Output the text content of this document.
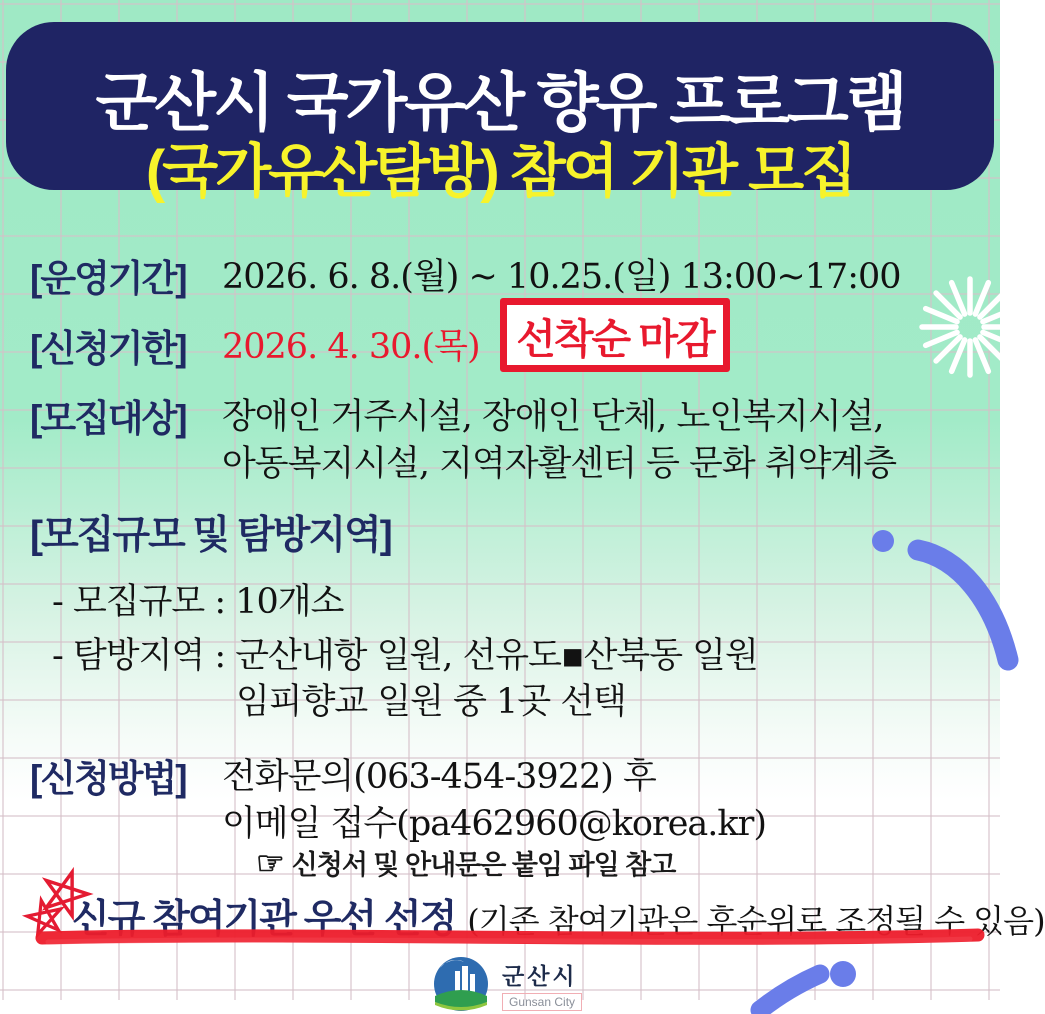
군산시 국가유산 향유 프로그램
(국가유산탐방) 참여 기관 모집
[운영기간] 2026. 6. 8.(월) ~ 10.25.(일) 13:00~17:00
[신청기한] 2026. 4. 30.(목) 선착순 마감
[모집대상] 장애인 거주시설, 장애인 단체, 노인복지시설,
아동복지시설, 지역자활센터 등 문화 취약계층
[모집규모 및 탐방지역]
- 모집규모 : 10개소
- 탐방지역 : 군산내항 일원, 선유도▪산북동 일원
임피향교 일원 중 1곳 선택
[신청방법] 전화문의(063-454-3922) 후
이메일 접수(pa462960@korea.kr)
☞ 신청서 및 안내문은 붙임 파일 참고
신규 참여기관 우선 선정 (기존 참여기관은 후순위로 조정될 수 있음)
군산시
Gunsan City
